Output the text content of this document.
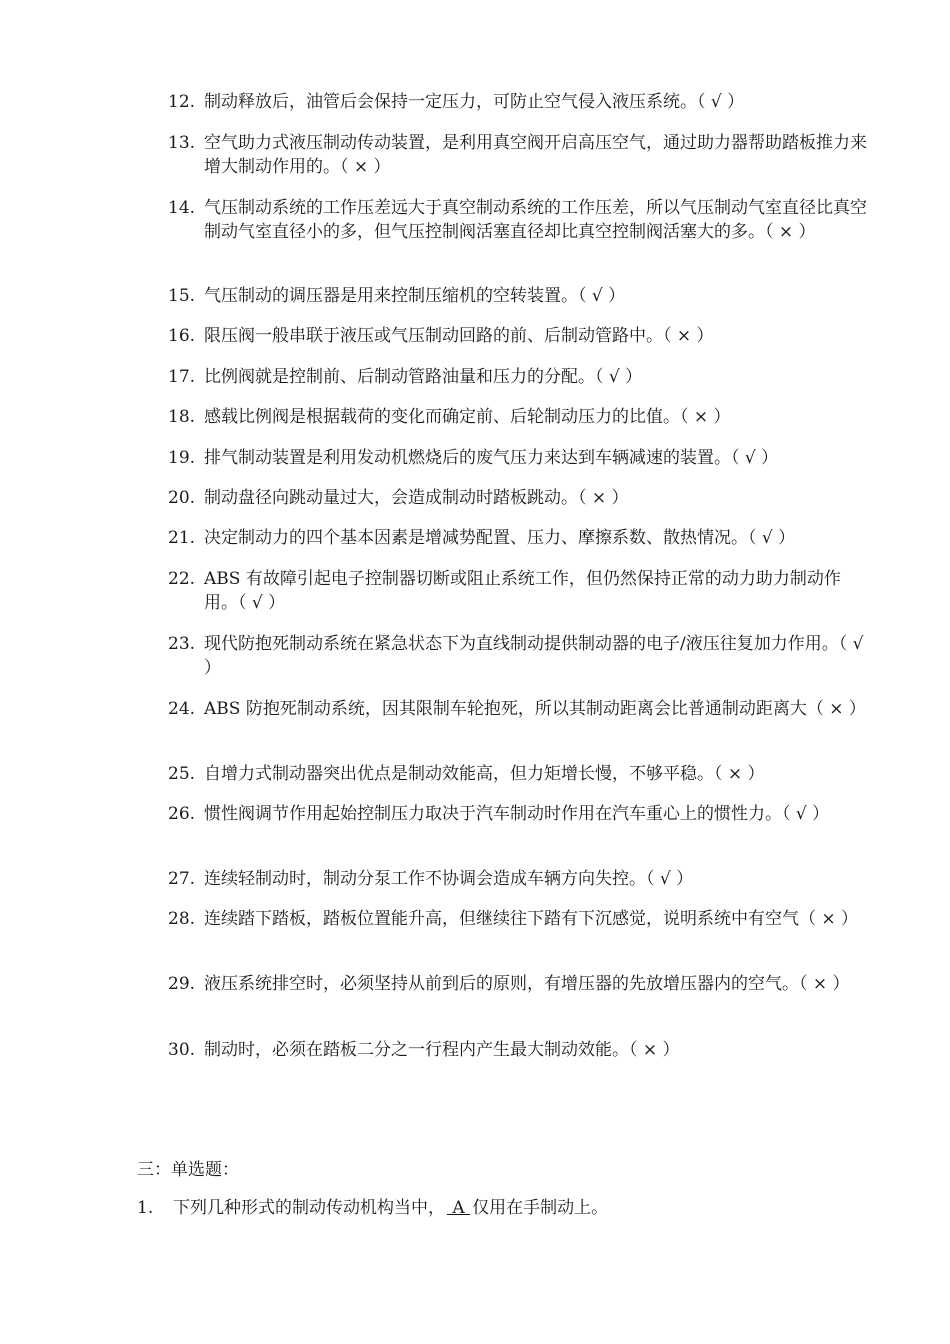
12. 制动释放后，油管后会保持一定压力，可防止空气侵入液压系统。（ √ ）
13. 空气助力式液压制动传动装置，是利用真空阀开启高压空气，通过助力器帮助踏板推力来增大制动作用的。（ × ）
14. 气压制动系统的工作压差远大于真空制动系统的工作压差，所以气压制动气室直径比真空制动气室直径小的多，但气压控制阀活塞直径却比真空控制阀活塞大的多。（ × ）
15. 气压制动的调压器是用来控制压缩机的空转装置。（ √ ）
16. 限压阀一般串联于液压或气压制动回路的前、后制动管路中。（ × ）
17. 比例阀就是控制前、后制动管路油量和压力的分配。（ √ ）
18. 感载比例阀是根据载荷的变化而确定前、后轮制动压力的比值。（ × ）
19. 排气制动装置是利用发动机燃烧后的废气压力来达到车辆减速的装置。（ √ ）
20. 制动盘径向跳动量过大，会造成制动时踏板跳动。（ × ）
21. 决定制动力的四个基本因素是增减势配置、压力、摩擦系数、散热情况。（ √ ）
22. ABS 有故障引起电子控制器切断或阻止系统工作，但仍然保持正常的动力助力制动作用。（ √ ）
23. 现代防抱死制动系统在紧急状态下为直线制动提供制动器的电子/液压往复加力作用。（ √ ）
24. ABS 防抱死制动系统，因其限制车轮抱死，所以其制动距离会比普通制动距离大（ × ）
25. 自增力式制动器突出优点是制动效能高，但力矩增长慢，不够平稳。（ × ）
26. 惯性阀调节作用起始控制压力取决于汽车制动时作用在汽车重心上的惯性力。（ √ ）
27. 连续轻制动时，制动分泵工作不协调会造成车辆方向失控。（ √ ）
28. 连续踏下踏板，踏板位置能升高，但继续往下踏有下沉感觉，说明系统中有空气（ × ）
29. 液压系统排空时，必须坚持从前到后的原则，有增压器的先放增压器内的空气。（ × ）
30. 制动时，必须在踏板二分之一行程内产生最大制动效能。（ × ）
三：单选题：
1.	下列几种形式的制动传动机构当中， A 仅用在手制动上。
